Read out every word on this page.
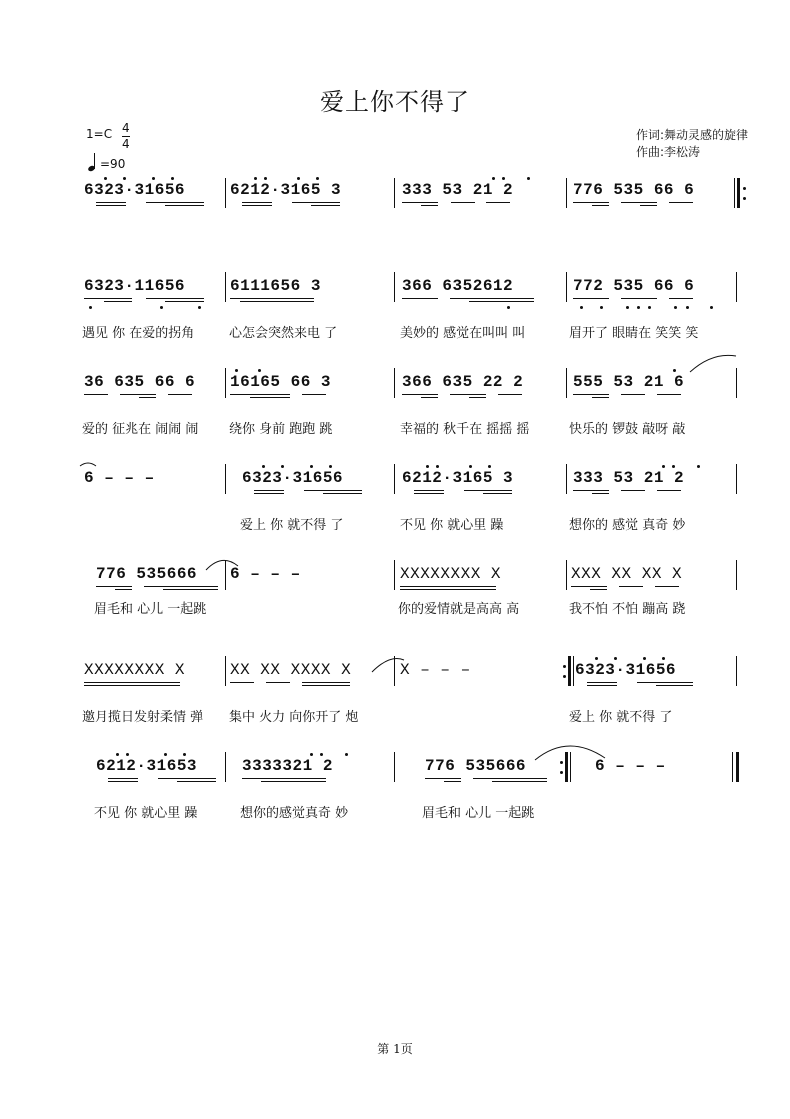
爱上你不得了
1=C 4
4
=90
作词:舞动灵感的旋律
作曲:李松涛
6323·31656	6212·3165 3	333 53 21 2	776 535 66 6
6323·11656	6111656 3	366 6352612	772 535 66 6
遇见 你 在爱的拐角	心怎会突然来电 了	美妙的 感觉在叫叫 叫	眉开了 眼睛在 笑笑 笑
36 635 66 6 16165 66 3	366 635 22 2	555 53 21 6
爱的 征兆在 闹闹 闹 绕你 身前 跑跑 跳	幸福的 秋千在 摇摇 摇	快乐的 锣鼓 敲呀 敲
6 – – –	6323·31656	6212·3165 3	333 53 21 2
爱上 你 就不得 了	不见 你 就心里 躁	想你的 感觉 真奇 妙
776 535666 6 – – –	XXXXXXXX X	XXX XX XX X
眉毛和 心儿 一起跳	你的爱情就是高高 高	我不怕 不怕 蹦高 跷
XXXXXXXX X	XX XX XXXX X	X – – –	6323·31656
邀月揽日发射柔情 弹 集中 火力 向你开了 炮	爱上 你 就不得 了
6212·31653	3333321 2	776 535666	6 – – –
不见 你 就心里 躁	想你的感觉真奇 妙	眉毛和 心儿 一起跳
第 1页
